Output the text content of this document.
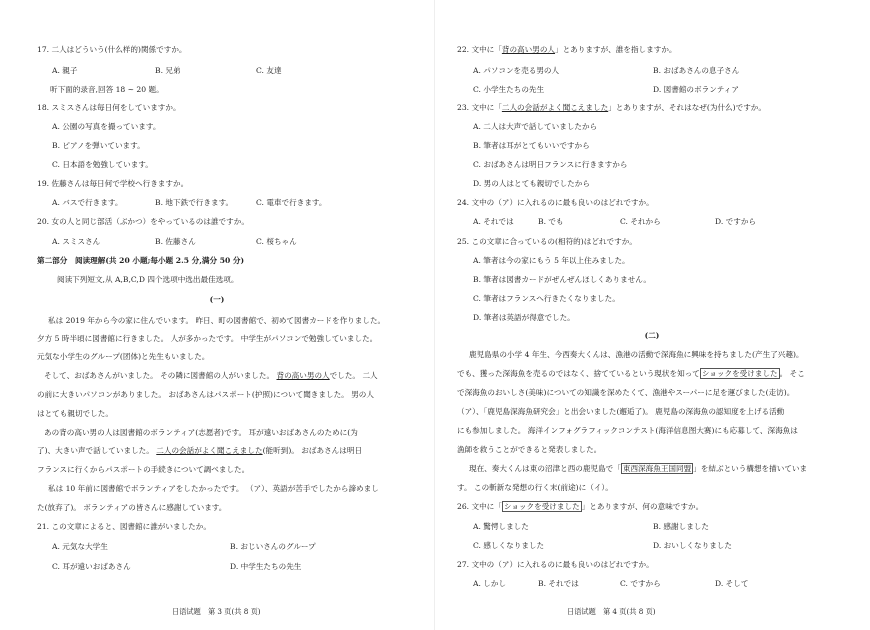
17. 二人はどういう(什么样的)関係ですか。
A. 親子	B. 兄弟	C. 友達
听下面的录音,回答 18 ~ 20 题。
18. スミスさんは毎日何をしていますか。
A. 公園の写真を撮っています。
B. ピアノを弾いています。
C. 日本語を勉強しています。
19. 佐藤さんは毎日何で学校へ行きますか。
A. バスで行きます。	B. 地下鉄で行きます。	C. 電車で行きます。
20. 女の人と同じ部活（ぶかつ）をやっているのは誰ですか。
A. スミスさん	B. 佐藤さん	C. 桜ちゃん
第二部分　阅读理解(共 20 小题;每小题 2.5 分,满分 50 分)
阅读下列短文,从 A,B,C,D 四个选项中选出最佳选项。
(一)
私は 2019 年から今の家に住んでいます。 昨日、町の図書館で、初めて図書カードを作りました。
夕方 5 時半頃に図書館に行きました。 人が多かったです。 中学生がパソコンで勉強していました。
元気な小学生のグループ(团体)と先生もいました。
そして、おばあさんがいました。 その隣に図書館の人がいました。 背の高い男の人でした。 二人
の前に大きいパソコンがありました。 おばあさんはパスポート(护照)について聞きました。 男の人
はとても親切でした。
あの背の高い男の人は図書館のボランティア(志愿者)です。 耳が遠いおばあさんのために(为
了)、大きい声で話していました。 二人の会話がよく聞こえました(能听到)。 おばあさんは明日
フランスに行くからパスポートの手続きについて調べました。
私は 10 年前に図書館でボランティアをしたかったです。 （ア）、英語が苦手でしたから諦めまし
た(放弃了)。 ボランティアの皆さんに感謝しています。
21. この文章によると、図書館に誰がいましたか。
A. 元気な大学生	B. おじいさんのグループ
C. 耳が遠いおばあさん	D. 中学生たちの先生
日语试题　第 3 页(共 8 页)
22. 文中に「背の高い男の人」とありますが、誰を指しますか。
A. パソコンを売る男の人	B. おばあさんの息子さん
C. 小学生たちの先生	D. 図書館のボランティア
23. 文中に「二人の会話がよく聞こえました」とありますが、それはなぜ(为什么)ですか。
A. 二人は大声で話していましたから
B. 筆者は耳がとてもいいですから
C. おばあさんは明日フランスに行きますから
D. 男の人はとても親切でしたから
24. 文中の（ア）に入れるのに最も良いのはどれですか。
A. それでは	B. でも	C. それから	D. ですから
25. この文章に合っているの(相符的)はどれですか。
A. 筆者は今の家にもう 5 年以上住みました。
B. 筆者は図書カードがぜんぜんほしくありません。
C. 筆者はフランスへ行きたくなりました。
D. 筆者は英語が得意でした。
(二)
鹿児島県の小学 4 年生、今西奏大くんは、漁港の活動で深海魚に興味を持ちました(产生了兴趣)。
でも、獲った深海魚を売るのではなく、捨てているという現状を知って ショックを受けました 。 そこ
で深海魚のおいしさ(美味)についての知識を深めたくて、漁港やスーパーに足を運びました(走访)。
（ア）、「鹿児島深海魚研究会」と出会いました(邂逅了)。 鹿児島の深海魚の認知度を上げる活動
にも参加しました。 海洋インフォグラフィックコンテスト(海洋信息图大赛)にも応募して、深海魚は
漁師を救うことができると発表しました。
現在、奏大くんは東の沼津と西の鹿児島で「 東西深海魚王国同盟 」を結ぶという構想を描いていま
す。 この斬新な発想の行く末(前途)に（イ）。
26. 文中に「 ショックを受けました 」とありますが、何の意味ですか。
A. 驚愕しました	B. 感謝しました
C. 感しくなりました	D. おいしくなりました
27. 文中の（ア）に入れるのに最も良いのはどれですか。
A. しかし	B. それでは	C. ですから	D. そして
日语试题　第 4 页(共 8 页)
